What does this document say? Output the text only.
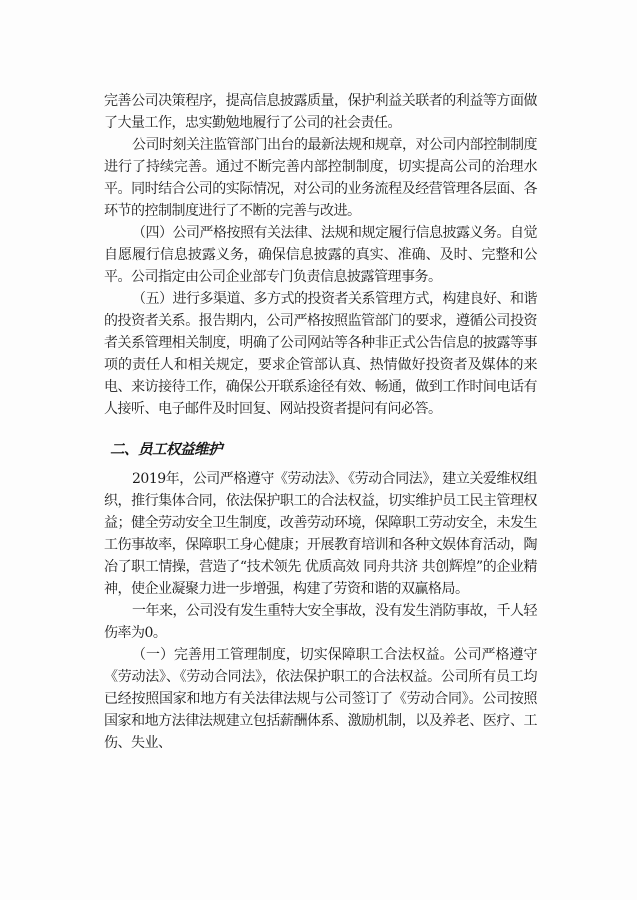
完善公司决策程序，提高信息披露质量，保护利益关联者的利益等方面做了大量工作，忠实勤勉地履行了公司的社会责任。

公司时刻关注监管部门出台的最新法规和规章，对公司内部控制制度进行了持续完善。通过不断完善内部控制制度，切实提高公司的治理水平。同时结合公司的实际情况，对公司的业务流程及经营管理各层面、各环节的控制制度进行了不断的完善与改进。

（四）公司严格按照有关法律、法规和规定履行信息披露义务。自觉自愿履行信息披露义务，确保信息披露的真实、准确、及时、完整和公平。公司指定由公司企业部专门负责信息披露管理事务。

（五）进行多渠道、多方式的投资者关系管理方式，构建良好、和谐的投资者关系。报告期内，公司严格按照监管部门的要求，遵循公司投资者关系管理相关制度，明确了公司网站等各种非正式公告信息的披露等事项的责任人和相关规定，要求企管部认真、热情做好投资者及媒体的来电、来访接待工作，确保公开联系途径有效、畅通，做到工作时间电话有人接听、电子邮件及时回复、网站投资者提问有问必答。

二、员工权益维护

2019年，公司严格遵守《劳动法》、《劳动合同法》，建立关爱维权组织，推行集体合同，依法保护职工的合法权益，切实维护员工民主管理权益；健全劳动安全卫生制度，改善劳动环境，保障职工劳动安全，未发生工伤事故率，保障职工身心健康；开展教育培训和各种文娱体育活动，陶冶了职工情操，营造了“技术领先 优质高效 同舟共济 共创辉煌”的企业精神，使企业凝聚力进一步增强，构建了劳资和谐的双赢格局。

一年来，公司没有发生重特大安全事故，没有发生消防事故，千人轻伤率为0。

（一）完善用工管理制度，切实保障职工合法权益。公司严格遵守《劳动法》、《劳动合同法》，依法保护职工的合法权益。公司所有员工均已经按照国家和地方有关法律法规与公司签订了《劳动合同》。公司按照国家和地方法律法规建立包括薪酬体系、激励机制，以及养老、医疗、工伤、失业、
